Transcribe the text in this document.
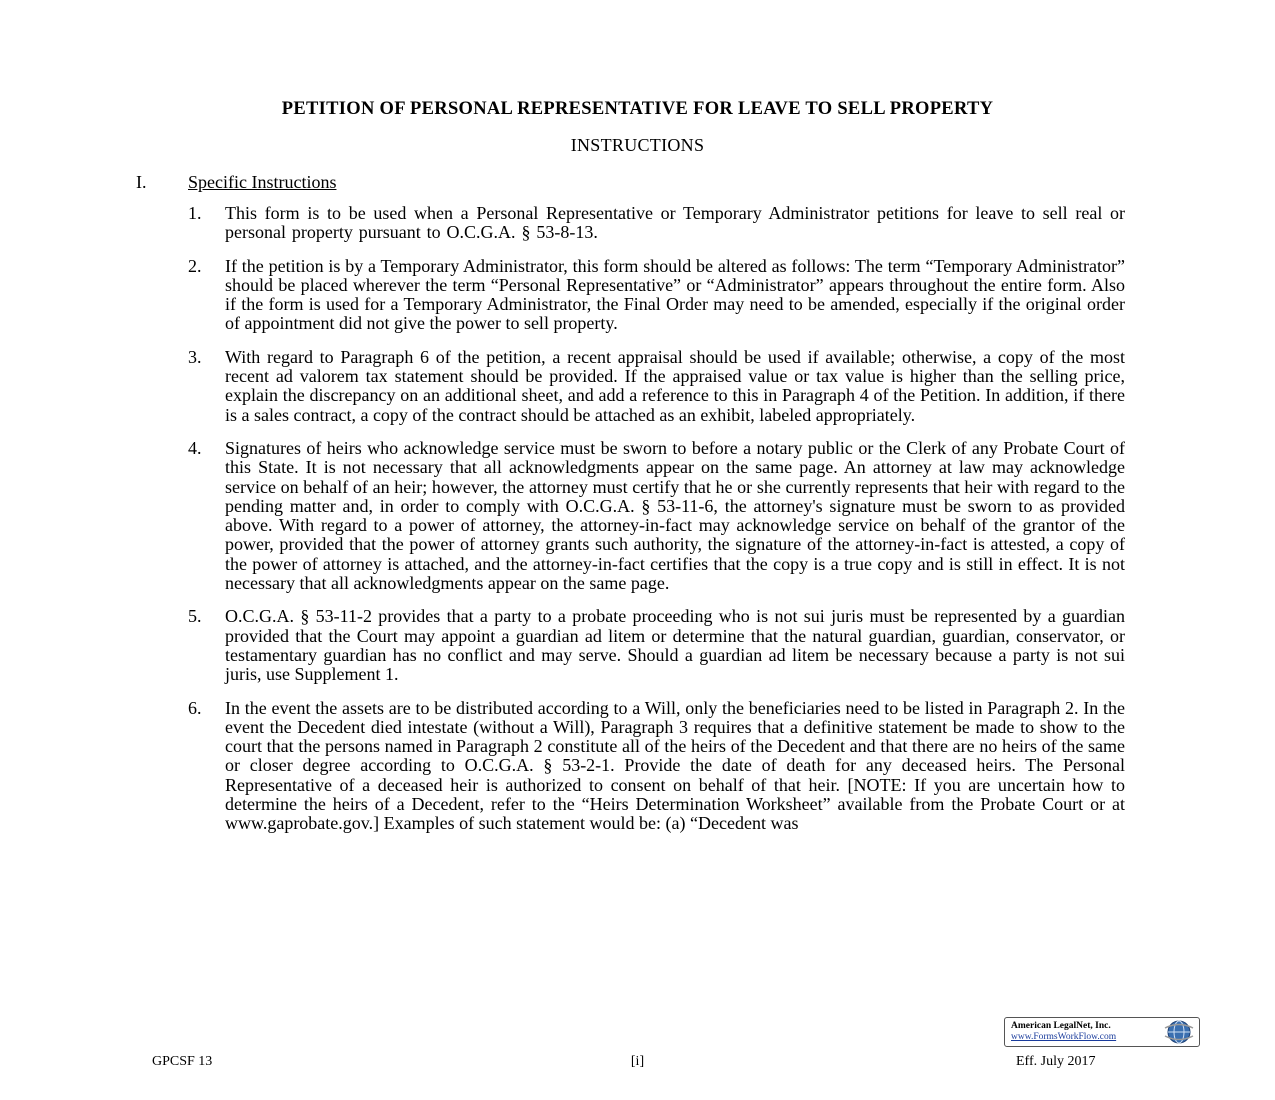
PETITION OF PERSONAL REPRESENTATIVE FOR LEAVE TO SELL PROPERTY
INSTRUCTIONS
I. Specific Instructions
1. This form is to be used when a Personal Representative or Temporary Administrator petitions for leave to sell real or personal property pursuant to O.C.G.A. § 53-8-13.
2. If the petition is by a Temporary Administrator, this form should be altered as follows: The term “Temporary Administrator” should be placed wherever the term “Personal Representative” or “Administrator” appears throughout the entire form. Also if the form is used for a Temporary Administrator, the Final Order may need to be amended, especially if the original order of appointment did not give the power to sell property.
3. With regard to Paragraph 6 of the petition, a recent appraisal should be used if available; otherwise, a copy of the most recent ad valorem tax statement should be provided. If the appraised value or tax value is higher than the selling price, explain the discrepancy on an additional sheet, and add a reference to this in Paragraph 4 of the Petition. In addition, if there is a sales contract, a copy of the contract should be attached as an exhibit, labeled appropriately.
4. Signatures of heirs who acknowledge service must be sworn to before a notary public or the Clerk of any Probate Court of this State. It is not necessary that all acknowledgments appear on the same page. An attorney at law may acknowledge service on behalf of an heir; however, the attorney must certify that he or she currently represents that heir with regard to the pending matter and, in order to comply with O.C.G.A. § 53-11-6, the attorney's signature must be sworn to as provided above. With regard to a power of attorney, the attorney-in-fact may acknowledge service on behalf of the grantor of the power, provided that the power of attorney grants such authority, the signature of the attorney-in-fact is attested, a copy of the power of attorney is attached, and the attorney-in-fact certifies that the copy is a true copy and is still in effect. It is not necessary that all acknowledgments appear on the same page.
5. O.C.G.A. § 53-11-2 provides that a party to a probate proceeding who is not sui juris must be represented by a guardian provided that the Court may appoint a guardian ad litem or determine that the natural guardian, guardian, conservator, or testamentary guardian has no conflict and may serve. Should a guardian ad litem be necessary because a party is not sui juris, use Supplement 1.
6. In the event the assets are to be distributed according to a Will, only the beneficiaries need to be listed in Paragraph 2. In the event the Decedent died intestate (without a Will), Paragraph 3 requires that a definitive statement be made to show to the court that the persons named in Paragraph 2 constitute all of the heirs of the Decedent and that there are no heirs of the same or closer degree according to O.C.G.A. § 53-2-1. Provide the date of death for any deceased heirs. The Personal Representative of a deceased heir is authorized to consent on behalf of that heir. [NOTE: If you are uncertain how to determine the heirs of a Decedent, refer to the “Heirs Determination Worksheet” available from the Probate Court or at www.gaprobate.gov.] Examples of such statement would be: (a) “Decedent was
American LegalNet, Inc.
www.FormsWorkFlow.com
GPCSF 13	[i]	Eff. July 2017
